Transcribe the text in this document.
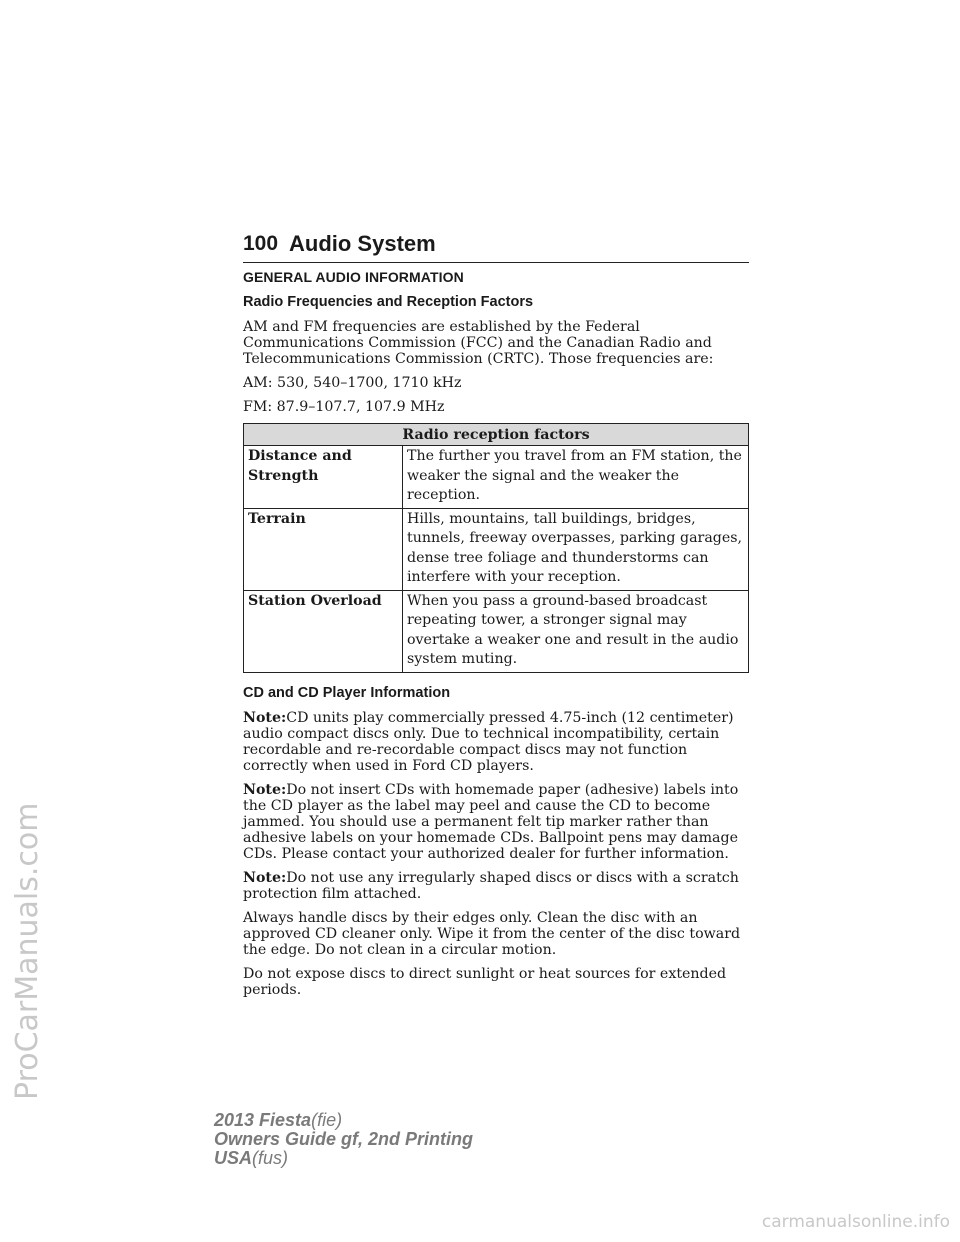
ProCarManuals.com
100 Audio System
GENERAL AUDIO INFORMATION
Radio Frequencies and Reception Factors

AM and FM frequencies are established by the Federal Communications Commission (FCC) and the Canadian Radio and Telecommunications Commission (CRTC). Those frequencies are:

AM: 530, 540–1700, 1710 kHz

FM: 87.9–107.7, 107.9 MHz

Radio reception factors	
Distance and Strength	The further you travel from an FM station, the weaker the signal and the weaker the reception.
Terrain	Hills, mountains, tall buildings, bridges, tunnels, freeway overpasses, parking garages, dense tree foliage and thunderstorms can interfere with your reception.
Station Overload	When you pass a ground-based broadcast repeating tower, a stronger signal may overtake a weaker one and result in the audio system muting.
CD and CD Player Information

Note:CD units play commercially pressed 4.75-inch (12 centimeter) audio compact discs only. Due to technical incompatibility, certain recordable and re-recordable compact discs may not function correctly when used in Ford CD players.

Note:Do not insert CDs with homemade paper (adhesive) labels into the CD player as the label may peel and cause the CD to become jammed. You should use a permanent felt tip marker rather than adhesive labels on your homemade CDs. Ballpoint pens may damage CDs. Please contact your authorized dealer for further information.

Note:Do not use any irregularly shaped discs or discs with a scratch protection film attached.

Always handle discs by their edges only. Clean the disc with an approved CD cleaner only. Wipe it from the center of the disc toward the edge. Do not clean in a circular motion.

Do not expose discs to direct sunlight or heat sources for extended periods.

2013 Fiesta(fie)
Owners Guide gf, 2nd Printing
USA(fus)
carmanualsonline.info
